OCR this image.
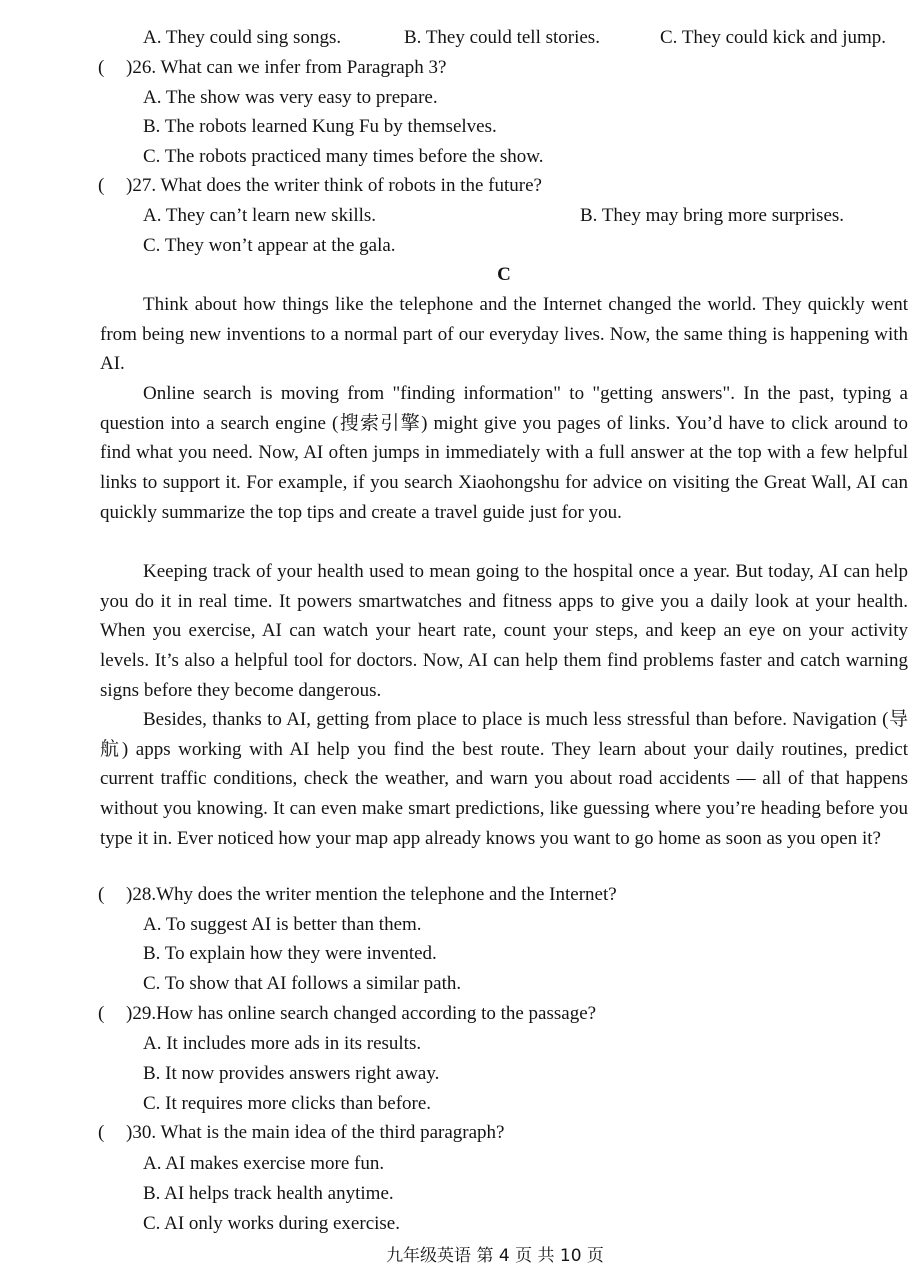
A. They could sing songs.	B. They could tell stories.	C. They could kick and jump.
( )26. What can we infer from Paragraph 3?
A. The show was very easy to prepare.
B. The robots learned Kung Fu by themselves.
C. The robots practiced many times before the show.
( )27. What does the writer think of robots in the future?
A. They can’t learn new skills.	B. They may bring more surprises.
C. They won’t appear at the gala.
C

Think about how things like the telephone and the Internet changed the world. They quickly went from being new inventions to a normal part of our everyday lives. Now, the same thing is happening with AI.

Online search is moving from "finding information" to "getting answers". In the past, typing a question into a search engine (搜索引擎) might give you pages of links. You’d have to click around to find what you need. Now, AI often jumps in immediately with a full answer at the top with a few helpful links to support it. For example, if you search Xiaohongshu for advice on visiting the Great Wall, AI can quickly summarize the top tips and create a travel guide just for you.

Keeping track of your health used to mean going to the hospital once a year. But today, AI can help you do it in real time. It powers smartwatches and fitness apps to give you a daily look at your health. When you exercise, AI can watch your heart rate, count your steps, and keep an eye on your activity levels. It’s also a helpful tool for doctors. Now, AI can help them find problems faster and catch warning signs before they become dangerous.

Besides, thanks to AI, getting from place to place is much less stressful than before. Navigation (导航) apps working with AI help you find the best route. They learn about your daily routines, predict current traffic conditions, check the weather, and warn you about road accidents — all of that happens without you knowing. It can even make smart predictions, like guessing where you’re heading before you type it in. Ever noticed how your map app already knows you want to go home as soon as you open it?

( )28.Why does the writer mention the telephone and the Internet?
A. To suggest AI is better than them.
B. To explain how they were invented.
C. To show that AI follows a similar path.
( )29.How has online search changed according to the passage?
A. It includes more ads in its results.
B. It now provides answers right away.
C. It requires more clicks than before.
( )30. What is the main idea of the third paragraph?
A. AI makes exercise more fun.
B. AI helps track health anytime.
C. AI only works during exercise.
九年级英语 第 4 页 共 10 页
